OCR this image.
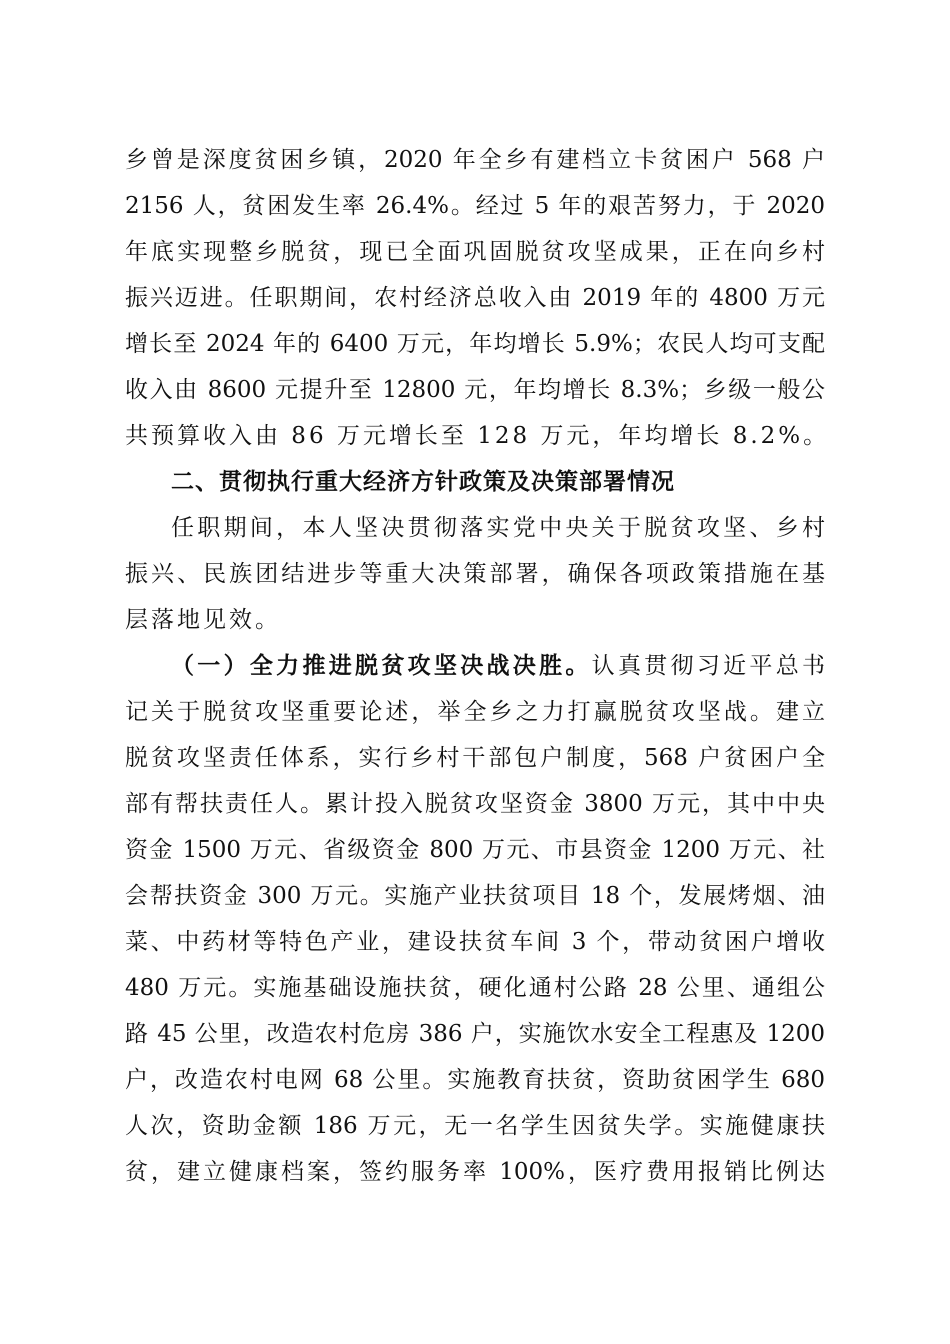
乡曾是深度贫困乡镇，2020 年全乡有建档立卡贫困户 568 户
2156 人，贫困发生率 26.4%。经过 5 年的艰苦努力，于 2020
年底实现整乡脱贫，现已全面巩固脱贫攻坚成果，正在向乡村
振兴迈进。任职期间，农村经济总收入由 2019 年的 4800 万元
增长至 2024 年的 6400 万元，年均增长 5.9%；农民人均可支配
收入由 8600 元提升至 12800 元，年均增长 8.3%；乡级一般公
共预算收入由 86 万元增长至 128 万元，年均增长 8.2%。
二、贯彻执行重大经济方针政策及决策部署情况
任职期间，本人坚决贯彻落实党中央关于脱贫攻坚、乡村
振兴、民族团结进步等重大决策部署，确保各项政策措施在基
层落地见效。
（一）全力推进脱贫攻坚决战决胜。认真贯彻习近平总书
记关于脱贫攻坚重要论述，举全乡之力打赢脱贫攻坚战。建立
脱贫攻坚责任体系，实行乡村干部包户制度，568 户贫困户全
部有帮扶责任人。累计投入脱贫攻坚资金 3800 万元，其中中央
资金 1500 万元、省级资金 800 万元、市县资金 1200 万元、社
会帮扶资金 300 万元。实施产业扶贫项目 18 个，发展烤烟、油
菜、中药材等特色产业，建设扶贫车间 3 个，带动贫困户增收
480 万元。实施基础设施扶贫，硬化通村公路 28 公里、通组公
路 45 公里，改造农村危房 386 户，实施饮水安全工程惠及 1200
户，改造农村电网 68 公里。实施教育扶贫，资助贫困学生 680
人次，资助金额 186 万元，无一名学生因贫失学。实施健康扶
贫，建立健康档案，签约服务率 100%，医疗费用报销比例达
